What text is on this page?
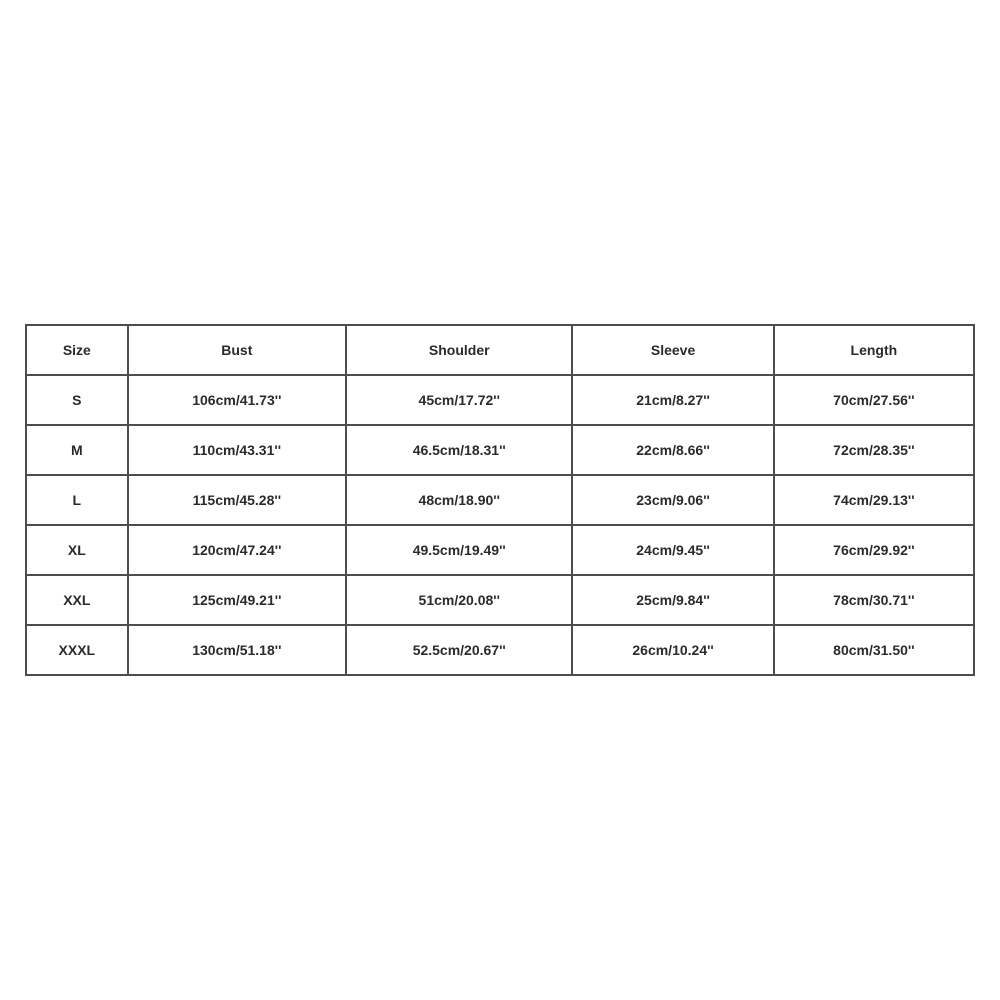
Size	Bust	Shoulder	Sleeve	Length
S	106cm/41.73''	45cm/17.72''	21cm/8.27''	70cm/27.56''
M	110cm/43.31''	46.5cm/18.31''	22cm/8.66''	72cm/28.35''
L	115cm/45.28''	48cm/18.90''	23cm/9.06''	74cm/29.13''
XL	120cm/47.24''	49.5cm/19.49''	24cm/9.45''	76cm/29.92''
XXL	125cm/49.21''	51cm/20.08''	25cm/9.84''	78cm/30.71''
XXXL	130cm/51.18''	52.5cm/20.67''	26cm/10.24''	80cm/31.50''
